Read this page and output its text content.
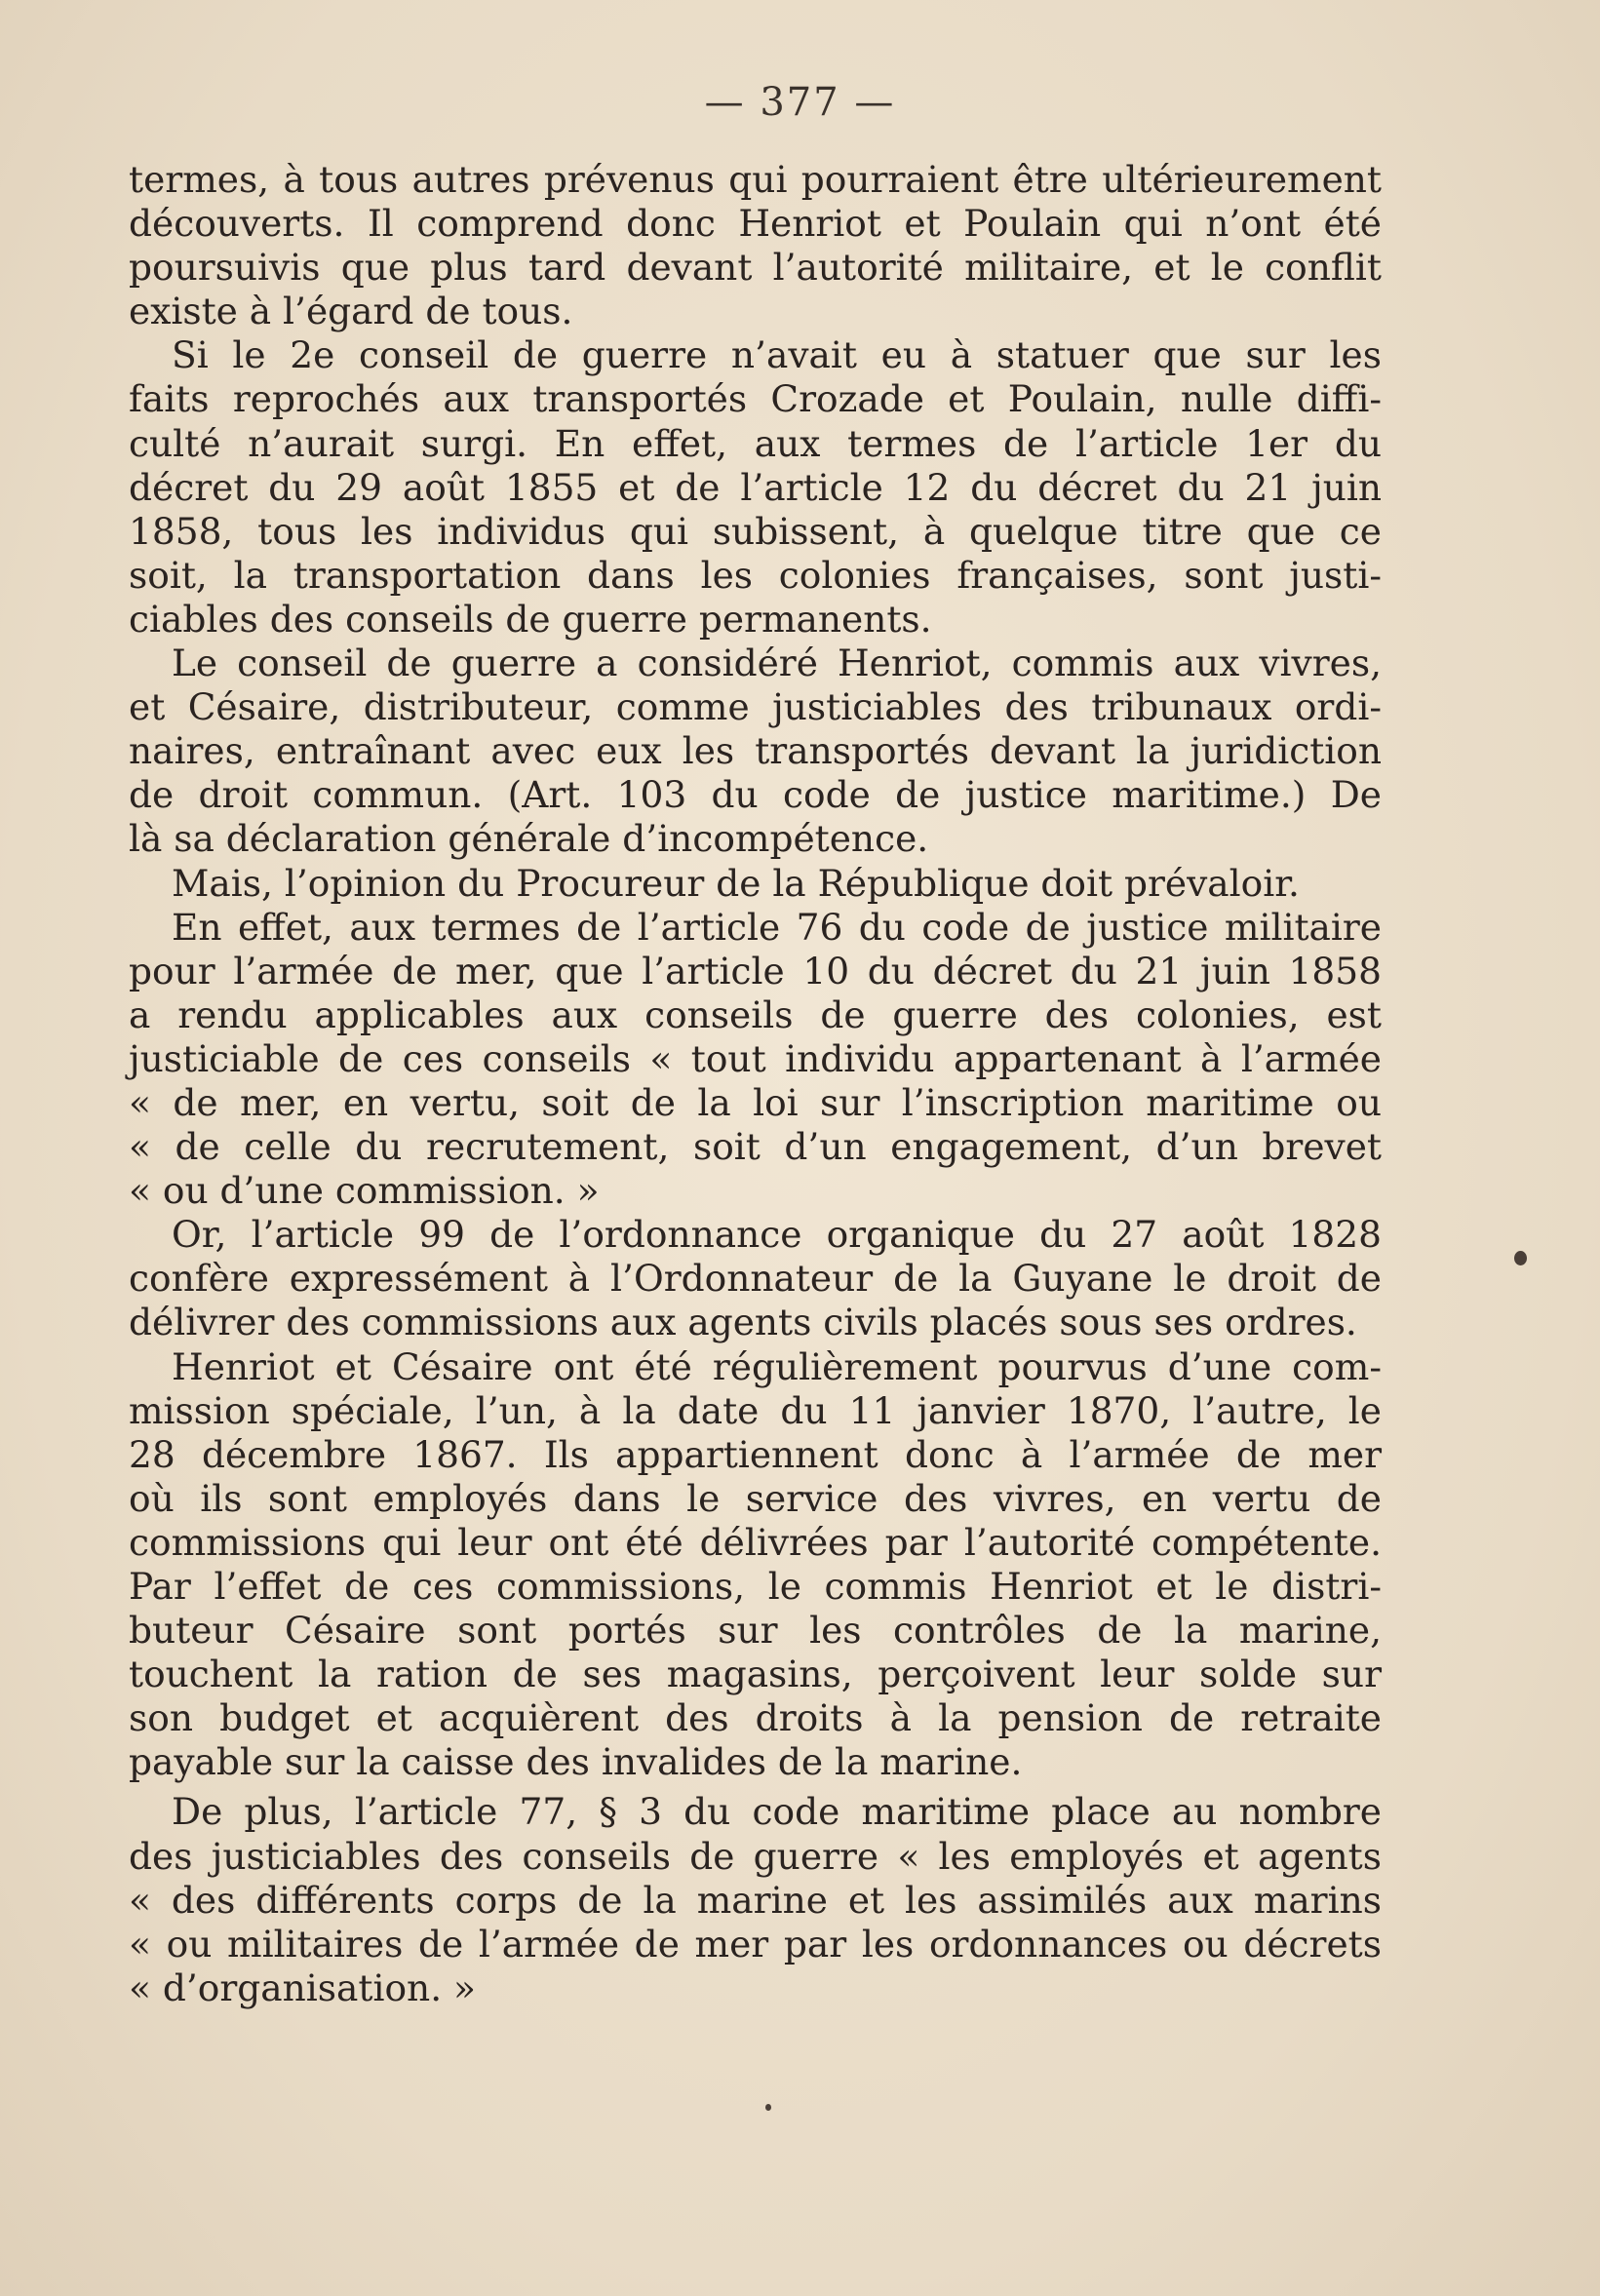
— 377 —
termes, à tous autres prévenus qui pourraient être ultérieurement
découverts. Il comprend donc Henriot et Poulain qui n’ont été
poursuivis que plus tard devant l’autorité militaire, et le conflit
existe à l’égard de tous.
Si le 2e conseil de guerre n’avait eu à statuer que sur les
faits reprochés aux transportés Crozade et Poulain, nulle diffi-
culté n’aurait surgi. En effet, aux termes de l’article 1er du
décret du 29 août 1855 et de l’article 12 du décret du 21 juin
1858, tous les individus qui subissent, à quelque titre que ce
soit, la transportation dans les colonies françaises, sont justi-
ciables des conseils de guerre permanents.
Le conseil de guerre a considéré Henriot, commis aux vivres,
et Césaire, distributeur, comme justiciables des tribunaux ordi-
naires, entraînant avec eux les transportés devant la juridiction
de droit commun. (Art. 103 du code de justice maritime.) De
là sa déclaration générale d’incompétence.
Mais, l’opinion du Procureur de la République doit prévaloir.
En effet, aux termes de l’article 76 du code de justice militaire
pour l’armée de mer, que l’article 10 du décret du 21 juin 1858
a rendu applicables aux conseils de guerre des colonies, est
justiciable de ces conseils « tout individu appartenant à l’armée
« de mer, en vertu, soit de la loi sur l’inscription maritime ou
« de celle du recrutement, soit d’un engagement, d’un brevet
« ou d’une commission. »
Or, l’article 99 de l’ordonnance organique du 27 août 1828
confère expressément à l’Ordonnateur de la Guyane le droit de
délivrer des commissions aux agents civils placés sous ses ordres.
Henriot et Césaire ont été régulièrement pourvus d’une com-
mission spéciale, l’un, à la date du 11 janvier 1870, l’autre, le
28 décembre 1867. Ils appartiennent donc à l’armée de mer
où ils sont employés dans le service des vivres, en vertu de
commissions qui leur ont été délivrées par l’autorité compétente.
Par l’effet de ces commissions, le commis Henriot et le distri-
buteur Césaire sont portés sur les contrôles de la marine,
touchent la ration de ses magasins, perçoivent leur solde sur
son budget et acquièrent des droits à la pension de retraite
payable sur la caisse des invalides de la marine.
De plus, l’article 77, § 3 du code maritime place au nombre
des justiciables des conseils de guerre « les employés et agents
« des différents corps de la marine et les assimilés aux marins
« ou militaires de l’armée de mer par les ordonnances ou décrets
« d’organisation. »
